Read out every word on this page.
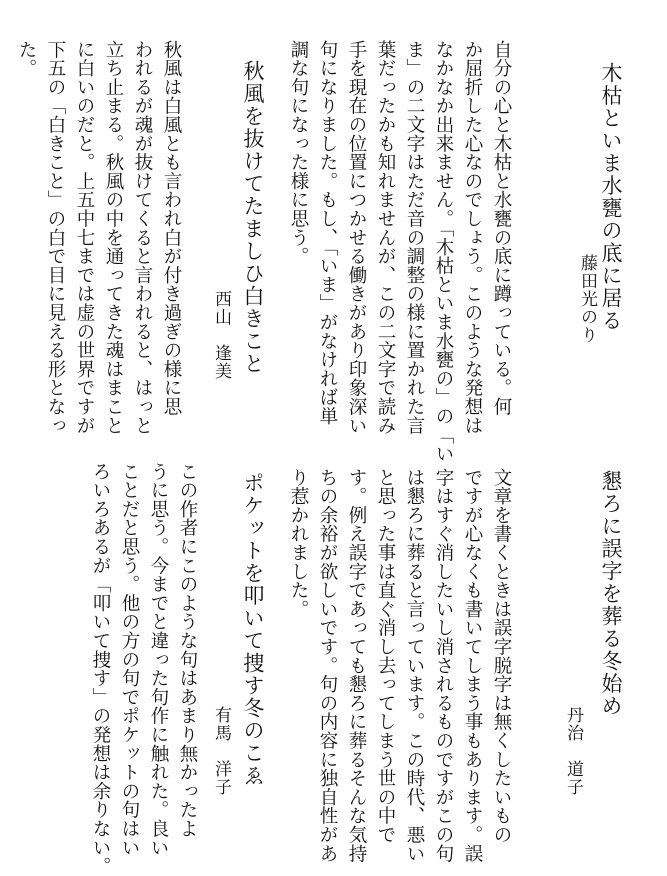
木枯といま水甕の底に居る
藤田光のり
自分の心と木枯と水甕の底に蹲っている。何
か屈折した心なのでしょう。このような発想は
なかなか出来ません。「木枯といま水甕の」の「い
ま」の二文字はただ音の調整の様に置かれた言
葉だったかも知れませんが、この二文字で読み
手を現在の位置につかせる働きがあり印象深い
句になりました。もし、「いま」がなければ単
調な句になった様に思う。
秋風を抜けてたましひ白きこと
西山　逢美
秋風は白風とも言われ白が付き過ぎの様に思
われるが魂が抜けてくると言われると、はっと
立ち止まる。秋風の中を通ってきた魂はまこと
に白いのだと。上五中七までは虚の世界ですが
下五の「白きこと」の白で目に見える形となっ
た。
懇ろに誤字を葬る冬始め
丹治　道子
文章を書くときは誤字脱字は無くしたいもの
ですが心なくも書いてしまう事もあります。誤
字はすぐ消したいし消されるものですがこの句
は懇ろに葬ると言っています。この時代、悪い
と思った事は直ぐ消し去ってしまう世の中で
す。例え誤字であっても懇ろに葬るそんな気持
ちの余裕が欲しいです。句の内容に独自性があ
り惹かれました。
ポケットを叩いて捜す冬のこゑ
有馬　洋子
この作者にこのような句はあまり無かったよ
うに思う。今までと違った句作に触れた。良い
ことだと思う。他の方の句でポケットの句はい
ろいろあるが「叩いて捜す」の発想は余りない。
